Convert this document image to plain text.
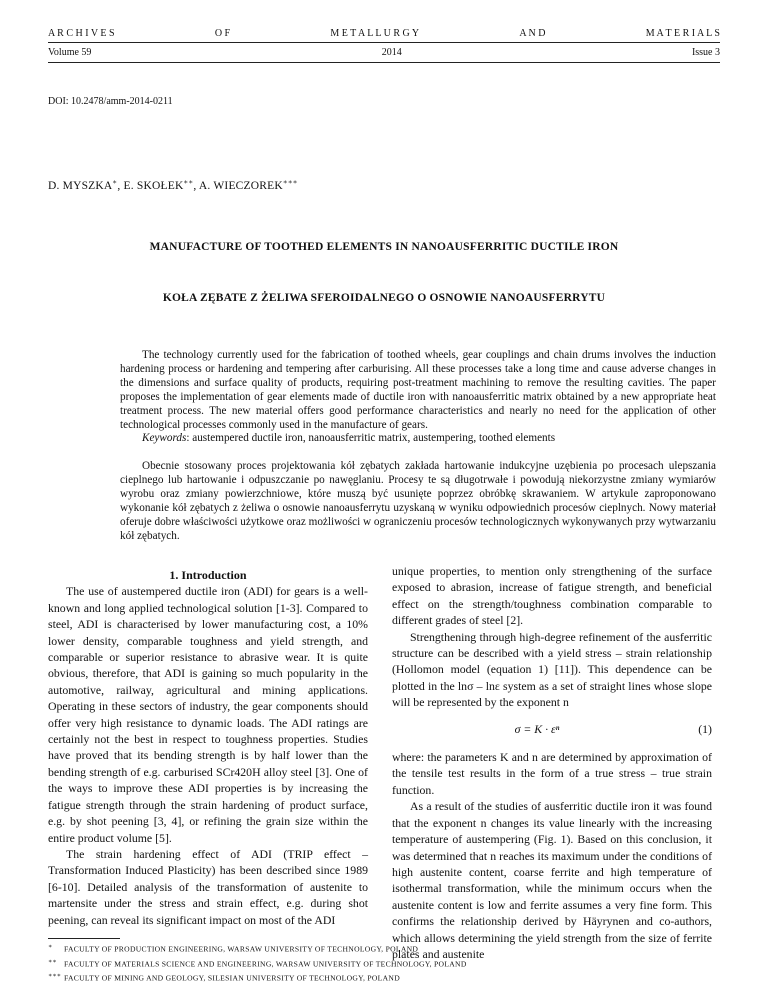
A R C H I V E S	O F	M E T A L L U R G Y	A N D	M A T E R I A L S
Volume 59	2014	Issue 3
DOI: 10.2478/amm-2014-0211
D. MYSZKA∗, E. SKOŁEK∗∗, A. WIECZOREK∗∗∗
MANUFACTURE OF TOOTHED ELEMENTS IN NANOAUSFERRITIC DUCTILE IRON
KOŁA ZĘBATE Z ŻELIWA SFEROIDALNEGO O OSNOWIE NANOAUSFERRYTU

The technology currently used for the fabrication of toothed wheels, gear couplings and chain drums involves the induction hardening process or hardening and tempering after carburising. All these processes take a long time and cause adverse changes in the dimensions and surface quality of products, requiring post-treatment machining to remove the resulting cavities. The paper proposes the implementation of gear elements made of ductile iron with nanoausferritic matrix obtained by a new appropriate heat treatment process. The new material offers good performance characteristics and nearly no need for the application of other technological processes commonly used in the manufacture of gears.

Keywords: austempered ductile iron, nanoausferritic matrix, austempering, toothed elements

Obecnie stosowany proces projektowania kół zębatych zakłada hartowanie indukcyjne uzębienia po procesach ulepszania cieplnego lub hartowanie i odpuszczanie po nawęglaniu. Procesy te są długotrwałe i powodują niekorzystne zmiany wymiarów wyrobu oraz zmiany powierzchniowe, które muszą być usunięte poprzez obróbkę skrawaniem. W artykule zaproponowano wykonanie kół zębatych z żeliwa o osnowie nanoausferrytu uzyskaną w wyniku odpowiednich procesów cieplnych. Nowy materiał oferuje dobre właściwości użytkowe oraz możliwości w ograniczeniu procesów technologicznych wykonywanych przy wytwarzaniu kół zębatych.

1. Introduction

The use of austempered ductile iron (ADI) for gears is a well-known and long applied technological solution [1-3]. Compared to steel, ADI is characterised by lower manufacturing cost, a 10% lower density, comparable toughness and yield strength, and comparable or superior resistance to abrasive wear. It is quite obvious, therefore, that ADI is gaining so much popularity in the automotive, railway, agricultural and mining applications. Operating in these sectors of industry, the gear components should offer very high resistance to dynamic loads. The ADI ratings are certainly not the best in respect to toughness properties. Studies have proved that its bending strength is by half lower than the bending strength of e.g. carburised SCr420H alloy steel [3]. One of the ways to improve these ADI properties is by increasing the fatigue strength through the strain hardening of product surface, e.g. by shot peening [3, 4], or refining the grain size within the entire product volume [5].

The strain hardening effect of ADI (TRIP effect – Transformation Induced Plasticity) has been described since 1989 [6-10]. Detailed analysis of the transformation of austenite to martensite under the stress and strain effect, e.g. during shot peening, can reveal its significant impact on most of the ADI

unique properties, to mention only strengthening of the surface exposed to abrasion, increase of fatigue strength, and beneficial effect on the strength/toughness combination comparable to different grades of steel [2].

Strengthening through high-degree refinement of the ausferritic structure can be described with a yield stress – strain relationship (Hollomon model (equation 1) [11]). This dependence can be plotted in the lnσ – lnε system as a set of straight lines whose slope will be represented by the exponent n

σ = K · εⁿ	(1)

where: the parameters K and n are determined by approximation of the tensile test results in the form of a true stress – true strain function.

As a result of the studies of ausferritic ductile iron it was found that the exponent n changes its value linearly with the increasing temperature of austempering (Fig. 1). Based on this conclusion, it was determined that n reaches its maximum under the conditions of high austenite content, coarse ferrite and high temperature of isothermal transformation, while the minimum occurs when the austenite content is low and ferrite assumes a very fine form. This confirms the relationship derived by Häyrynen and co-authors, which allows determining the yield strength from the size of ferrite plates and austenite

∗ FACULTY OF PRODUCTION ENGINEERING, WARSAW UNIVERSITY OF TECHNOLOGY, POLAND
∗∗ FACULTY OF MATERIALS SCIENCE AND ENGINEERING, WARSAW UNIVERSITY OF TECHNOLOGY, POLAND
∗∗∗ FACULTY OF MINING AND GEOLOGY, SILESIAN UNIVERSITY OF TECHNOLOGY, POLAND
